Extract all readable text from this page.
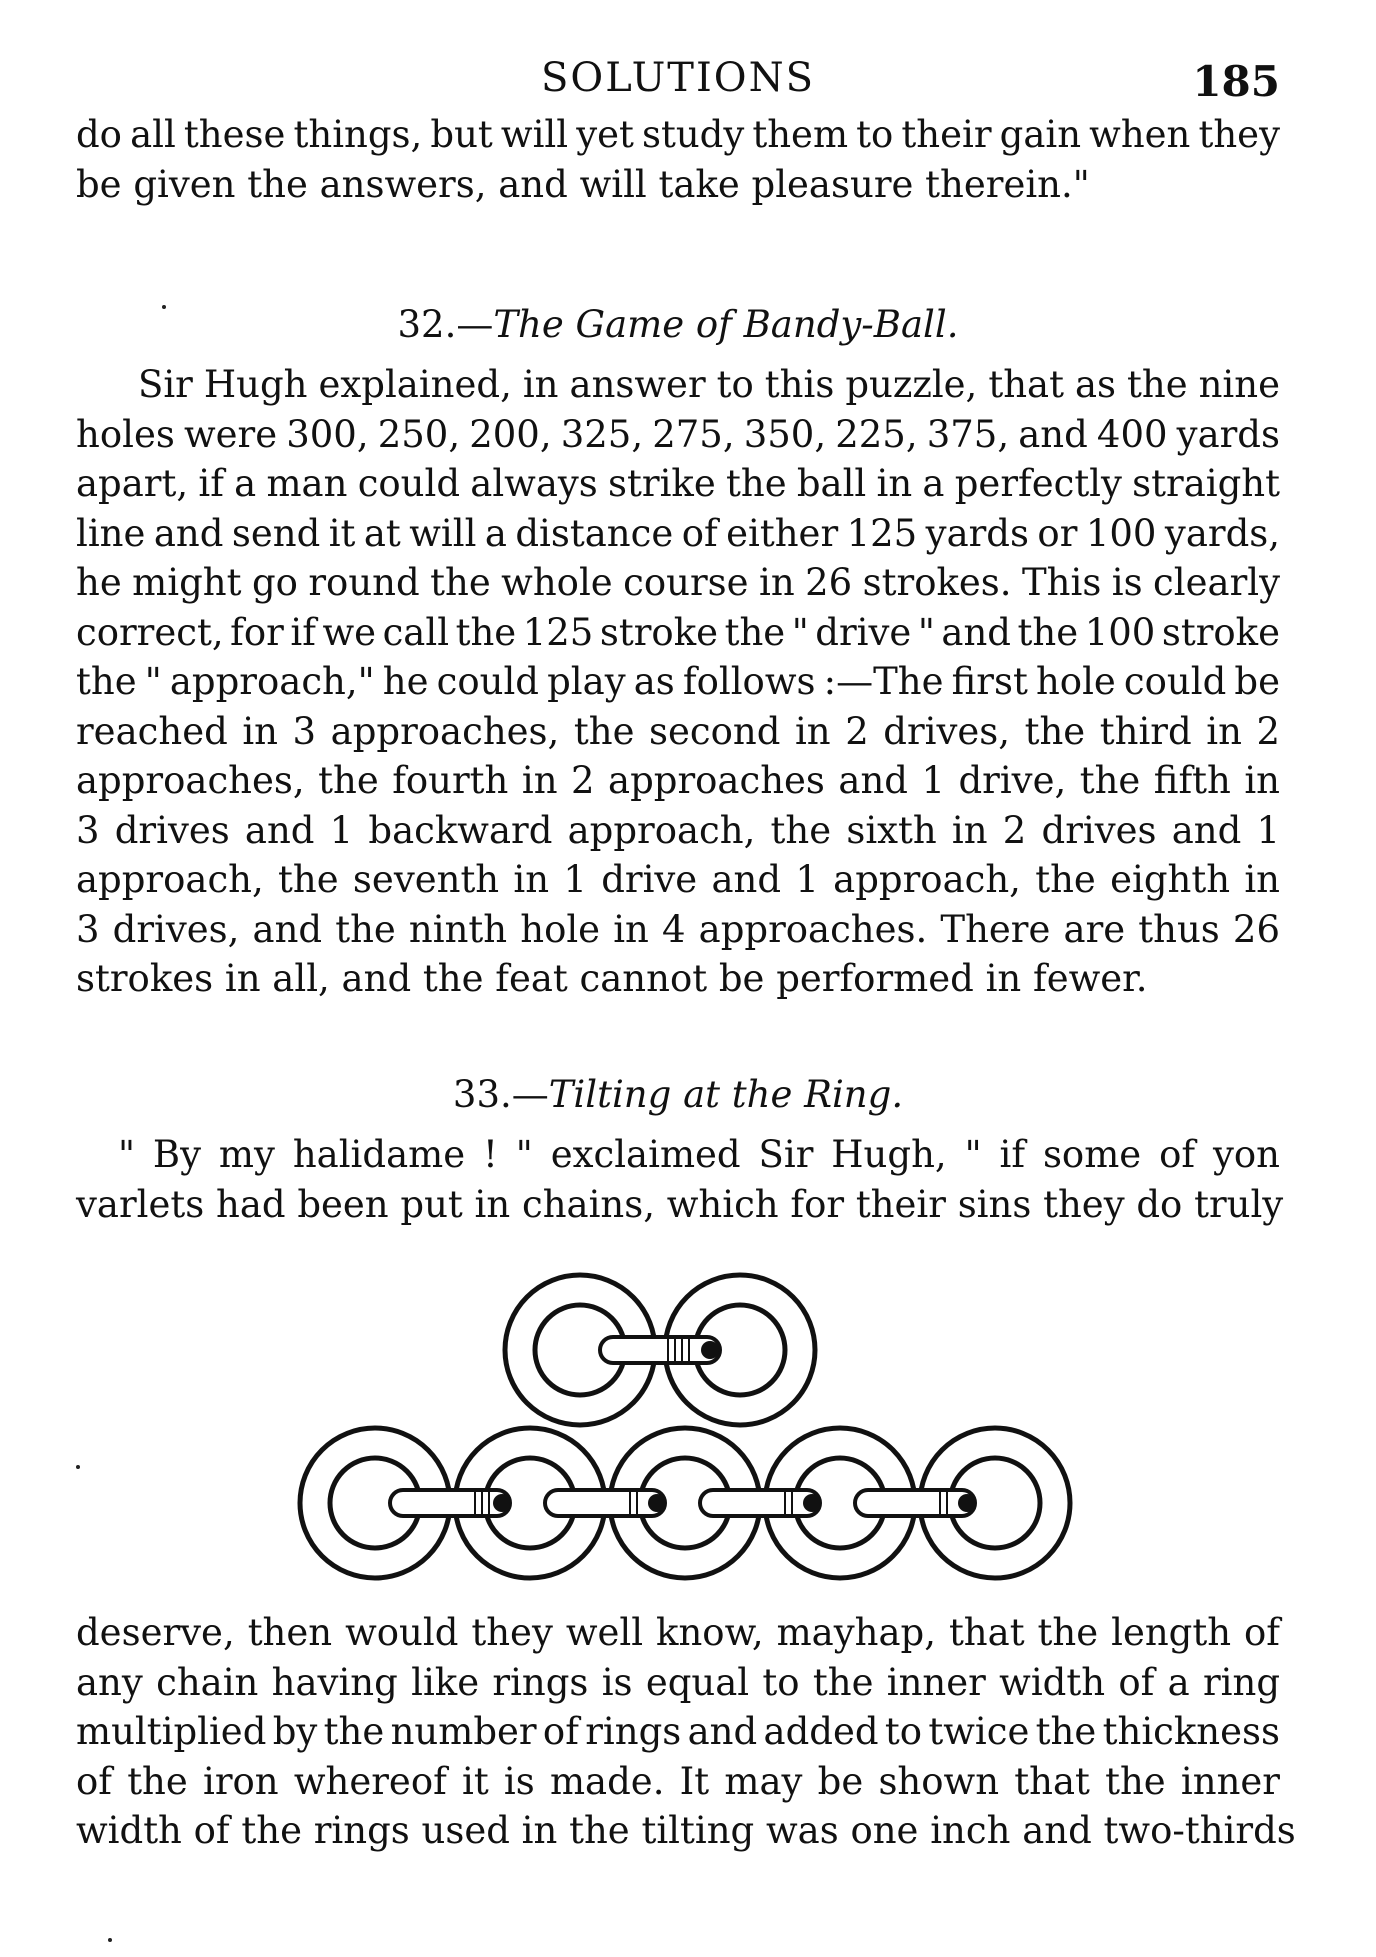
SOLUTIONS	185
do all these things, but will yet study them to their gain when they
be given the answers, and will take pleasure therein."
32.—The Game of Bandy-Ball.
Sir Hugh explained, in answer to this puzzle, that as the nine
holes were 300, 250, 200, 325, 275, 350, 225, 375, and 400 yards
apart, if a man could always strike the ball in a perfectly straight
line and send it at will a distance of either 125 yards or 100 yards,
he might go round the whole course in 26 strokes. This is clearly
correct, for if we call the 125 stroke the " drive " and the 100 stroke
the " approach," he could play as follows :—The first hole could be
reached in 3 approaches, the second in 2 drives, the third in 2
approaches, the fourth in 2 approaches and 1 drive, the fifth in
3 drives and 1 backward approach, the sixth in 2 drives and 1
approach, the seventh in 1 drive and 1 approach, the eighth in
3 drives, and the ninth hole in 4 approaches. There are thus 26
strokes in all, and the feat cannot be performed in fewer.
33.—Tilting at the Ring.
" By my halidame ! " exclaimed Sir Hugh, " if some of yon
varlets had been put in chains, which for their sins they do truly
deserve, then would they well know, mayhap, that the length of
any chain having like rings is equal to the inner width of a ring
multiplied by the number of rings and added to twice the thickness
of the iron whereof it is made. It may be shown that the inner
width of the rings used in the tilting was one inch and two-thirds
